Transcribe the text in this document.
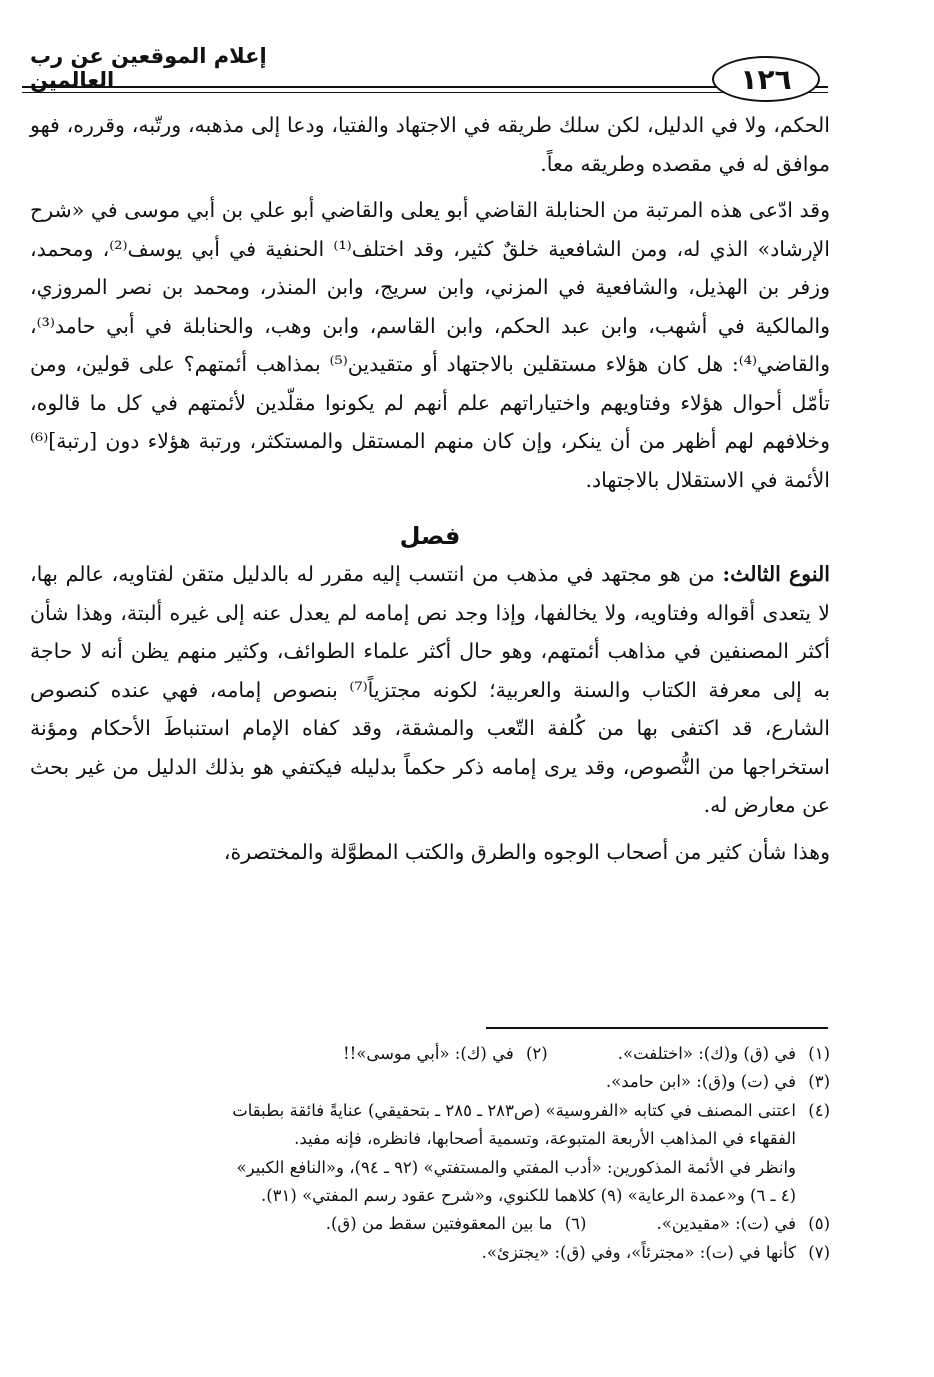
إعلام الموقعين عن رب العالمين	١٢٦

الحكم، ولا في الدليل، لكن سلك طريقه في الاجتهاد والفتيا، ودعا إلى مذهبه، ورتّبه، وقرره، فهو موافق له في مقصده وطريقه معاً.

وقد ادّعى هذه المرتبة من الحنابلة القاضي أبو يعلى والقاضي أبو علي بن أبي موسى في «شرح الإرشاد» الذي له، ومن الشافعية خلقٌ كثير، وقد اختلف⁽¹⁾ الحنفية في أبي يوسف⁽²⁾، ومحمد، وزفر بن الهذيل، والشافعية في المزني، وابن سريج، وابن المنذر، ومحمد بن نصر المروزي، والمالكية في أشهب، وابن عبد الحكم، وابن القاسم، وابن وهب، والحنابلة في أبي حامد⁽³⁾، والقاضي⁽⁴⁾: هل كان هؤلاء مستقلين بالاجتهاد أو متقيدين⁽⁵⁾ بمذاهب أئمتهم؟ على قولين، ومن تأمّل أحوال هؤلاء وفتاويهم واختياراتهم علم أنهم لم يكونوا مقلّدين لأئمتهم في كل ما قالوه، وخلافهم لهم أظهر من أن ينكر، وإن كان منهم المستقل والمستكثر، ورتبة هؤلاء دون [رتبة]⁽⁶⁾ الأئمة في الاستقلال بالاجتهاد.

فصل

النوع الثالث: من هو مجتهد في مذهب من انتسب إليه مقرر له بالدليل متقن لفتاويه، عالم بها، لا يتعدى أقواله وفتاويه، ولا يخالفها، وإذا وجد نص إمامه لم يعدل عنه إلى غيره ألبتة، وهذا شأن أكثر المصنفين في مذاهب أئمتهم، وهو حال أكثر علماء الطوائف، وكثير منهم يظن أنه لا حاجة به إلى معرفة الكتاب والسنة والعربية؛ لكونه مجتزياً⁽⁷⁾ بنصوص إمامه، فهي عنده كنصوص الشارع، قد اكتفى بها من كُلفة التّعب والمشقة، وقد كفاه الإمام استنباطَ الأحكام ومؤنة استخراجها من النُّصوص، وقد يرى إمامه ذكر حكماً بدليله فيكتفي هو بذلك الدليل من غير بحث عن معارض له.

وهذا شأن كثير من أصحاب الوجوه والطرق والكتب المطوَّلة والمختصرة،

(١)
في (ق) و(ك): «اختلفت».
(٢)
في (ك): «أبي موسى»!!
(٣)
في (ت) و(ق): «ابن حامد».
(٤)
اعتنى المصنف في كتابه «الفروسية» (ص٢٨٣ ـ ٢٨٥ ـ بتحقيقي) عنايةً فائقة بطبقات
الفقهاء في المذاهب الأربعة المتبوعة، وتسمية أصحابها، فانظره، فإنه مفيد.
وانظر في الأئمة المذكورين: «أدب المفتي والمستفتي» (٩٢ ـ ٩٤)، و«النافع الكبير»
(٤ ـ ٦) و«عمدة الرعاية» (٩) كلاهما للكنوي، و«شرح عقود رسم المفتي» (٣١).
(٥)
في (ت): «مقيدين».
(٦)
ما بين المعقوفتين سقط من (ق).
(٧)
كأنها في (ت): «مجترئاً»، وفي (ق): «يجتزئ».
